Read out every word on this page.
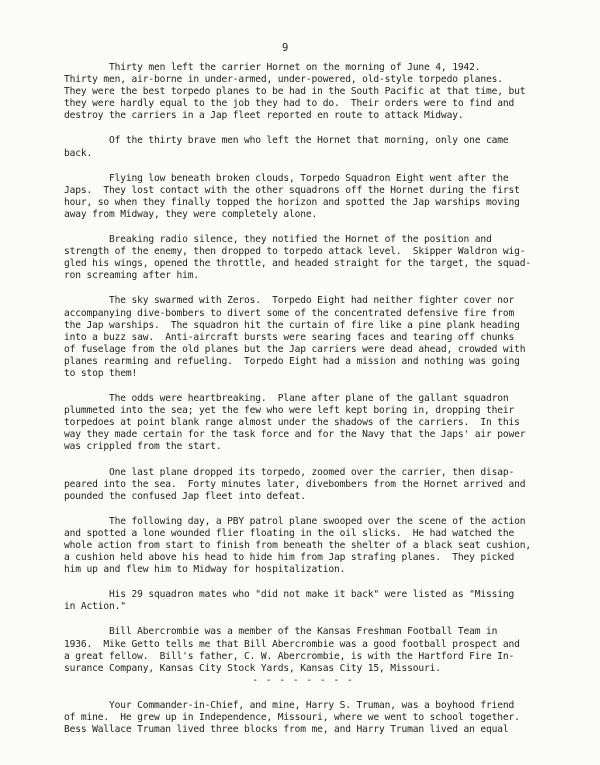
9
Thirty men left the carrier Hornet on the morning of June 4, 1942.
Thirty men, air-borne in under-armed, under-powered, old-style torpedo planes.
They were the best torpedo planes to be had in the South Pacific at that time, but
they were hardly equal to the job they had to do.  Their orders were to find and
destroy the carriers in a Jap fleet reported en route to attack Midway.
Of the thirty brave men who left the Hornet that morning, only one came
back.
Flying low beneath broken clouds, Torpedo Squadron Eight went after the
Japs.  They lost contact with the other squadrons off the Hornet during the first
hour, so when they finally topped the horizon and spotted the Jap warships moving
away from Midway, they were completely alone.
Breaking radio silence, they notified the Hornet of the position and
strength of the enemy, then dropped to torpedo attack level.  Skipper Waldron wig-
gled his wings, opened the throttle, and headed straight for the target, the squad-
ron screaming after him.
The sky swarmed with Zeros.  Torpedo Eight had neither fighter cover nor
accompanying dive-bombers to divert some of the concentrated defensive fire from
the Jap warships.  The squadron hit the curtain of fire like a pine plank heading
into a buzz saw.  Anti-aircraft bursts were searing faces and tearing off chunks
of fuselage from the old planes but the Jap carriers were dead ahead, crowded with
planes rearming and refueling.  Torpedo Eight had a mission and nothing was going
to stop them!
The odds were heartbreaking.  Plane after plane of the gallant squadron
plummeted into the sea; yet the few who were left kept boring in, dropping their
torpedoes at point blank range almost under the shadows of the carriers.  In this
way they made certain for the task force and for the Navy that the Japs' air power
was crippled from the start.
One last plane dropped its torpedo, zoomed over the carrier, then disap-
peared into the sea.  Forty minutes later, divebombers from the Hornet arrived and
pounded the confused Jap fleet into defeat.
The following day, a PBY patrol plane swooped over the scene of the action
and spotted a lone wounded flier floating in the oil slicks.  He had watched the
whole action from start to finish from beneath the shelter of a black seat cushion,
a cushion held above his head to hide him from Jap strafing planes.  They picked
him up and flew him to Midway for hospitalization.
His 29 squadron mates who "did not make it back" were listed as "Missing
in Action."
Bill Abercrombie was a member of the Kansas Freshman Football Team in
1936.  Mike Getto tells me that Bill Abercrombie was a good football prospect and
a great fellow.  Bill's father, C. W. Abercrombie, is with the Hartford Fire In-
surance Company, Kansas City Stock Yards, Kansas City 15, Missouri.
- - - - - - - -
Your Commander-in-Chief, and mine, Harry S. Truman, was a boyhood friend
of mine.  He grew up in Independence, Missouri, where we went to school together.
Bess Wallace Truman lived three blocks from me, and Harry Truman lived an equal
